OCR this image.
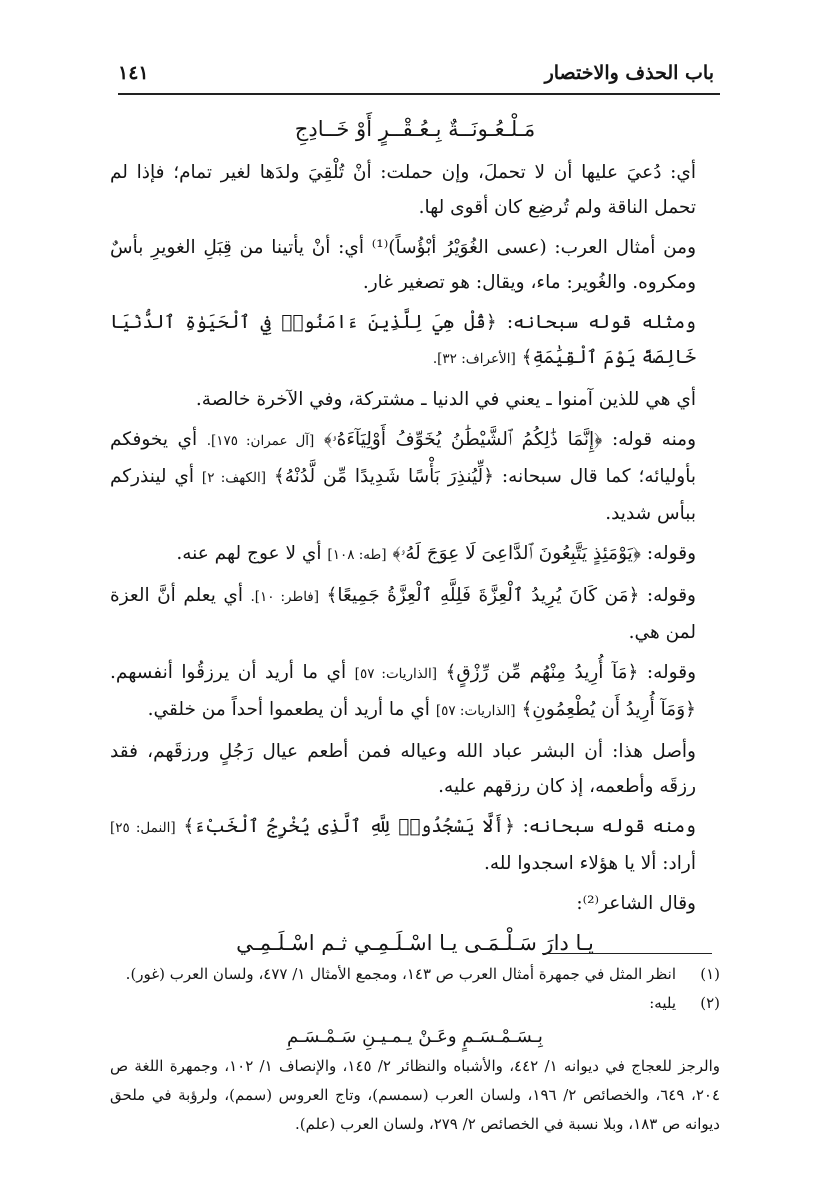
باب الحذف والاختصار
١٤١
مَـلْـعُـونَــةٌ بِـعُـقْــرٍ أَوْ خَــادِجِ

أي: دُعيَ عليها أن لا تحملَ، وإن حملت: أنْ تُلْقِيَ ولدَها لغير تمام؛ فإذا لم تحمل الناقة ولم تُرضِع كان أقوى لها.

ومن أمثال العرب: (عسى الغُوَيْرُ أبْؤُساً)⁽¹⁾ أي: أنْ يأتينا من قِبَلِ الغويرِ بأسٌ ومكروه. والغُوير: ماء، ويقال: هو تصغير غار.

ومثله قوله سبحانه: ﴿قُلْ هِيَ لِلَّذِينَ ءَامَنُوا۟ فِي ٱلْحَيَوٰةِ ٱلدُّنْيَا خَالِصَةً يَوْمَ ٱلْقِيَٰمَةِ﴾ [الأعراف: ٣٢].

أي هي للذين آمنوا ـ يعني في الدنيا ـ مشتركة، وفي الآخرة خالصة.

ومنه قوله: ﴿إِنَّمَا ذَٰلِكُمُ ٱلشَّيْطَٰنُ يُخَوِّفُ أَوْلِيَآءَهُۥ﴾ [آل عمران: ١٧٥]. أي يخوفكم بأوليائه؛ كما قال سبحانه: ﴿لِّيُنذِرَ بَأْسًا شَدِيدًا مِّن لَّدُنْهُ﴾ [الكهف: ٢] أي لينذركم ببأس شديد.

وقوله: ﴿يَوْمَئِذٍ يَتَّبِعُونَ ٱلدَّاعِىَ لَا عِوَجَ لَهُۥ﴾ [طه: ١٠٨] أي لا عوج لهم عنه.

وقوله: ﴿مَن كَانَ يُرِيدُ ٱلْعِزَّةَ فَلِلَّهِ ٱلْعِزَّةُ جَمِيعًا﴾ [فاطر: ١٠]. أي يعلم أنَّ العزة لمن هي.

وقوله: ﴿مَآ أُرِيدُ مِنْهُم مِّن رِّزْقٍ﴾ [الذاريات: ٥٧] أي ما أريد أن يرزقُوا أنفسهم. ﴿وَمَآ أُرِيدُ أَن يُطْعِمُونِ﴾ [الذاريات: ٥٧] أي ما أريد أن يطعموا أحداً من خلقي.

وأصل هذا: أن البشر عباد الله وعياله فمن أطعم عيال رَجُلٍ ورزقَهم، فقد رزقَه وأطعمه، إذ كان رزقهم عليه.

ومنه قوله سبحانه: ﴿أَلَّا يَسْجُدُوا۟ لِلَّهِ ٱلَّذِى يُخْرِجُ ٱلْخَبْءَ﴾ [النمل: ٢٥] أراد: ألا يا هؤلاء اسجدوا لله.

وقال الشاعر⁽²⁾:

يـا دارَ سَـلْـمَـى يـا اسْـلَـمِـي ثـم اسْـلَـمِـي
(١)
انظر المثل في جمهرة أمثال العرب ص ١٤٣، ومجمع الأمثال ١/ ٤٧٧، ولسان العرب (غور).
(٢)
يليه:
بِـسَـمْـسَـمٍ وعَـنْ يـمـيـنِ سَـمْـسَـمِ
والرجز للعجاج في ديوانه ١/ ٤٤٢، والأشباه والنظائر ٢/ ١٤٥، والإنصاف ١/ ١٠٢، وجمهرة اللغة ص ٢٠٤، ٦٤٩، والخصائص ٢/ ١٩٦، ولسان العرب (سمسم)، وتاج العروس (سمم)، ولرؤبة في ملحق ديوانه ص ١٨٣، وبلا نسبة في الخصائص ٢/ ٢٧٩، ولسان العرب (علم).
